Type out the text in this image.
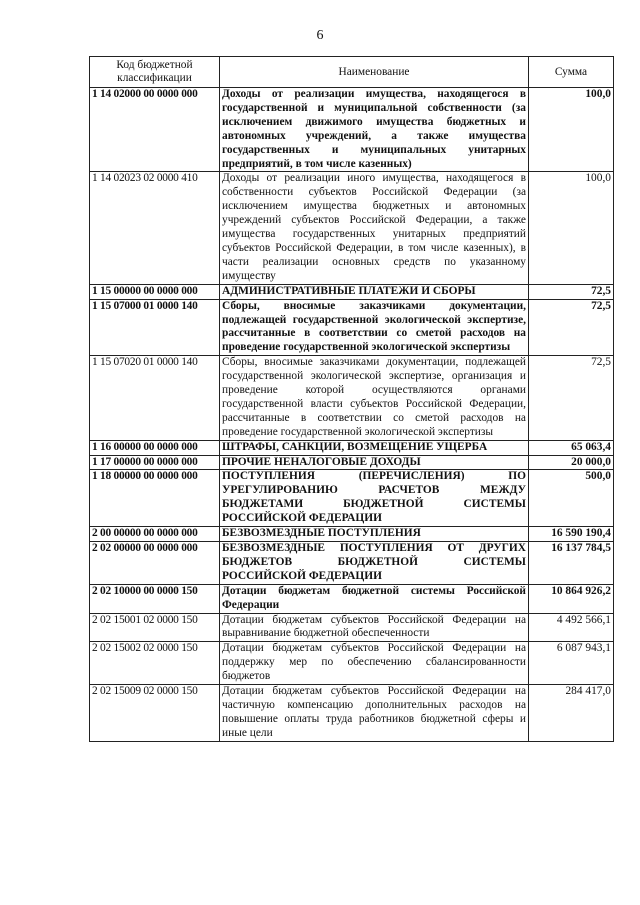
6
Код бюджетной классификации	Наименование	Сумма
1 14 02000 00 0000 000	Доходы от реализации имущества, находящегося в государственной и муниципальной собственности (за исключением движимого имущества бюджетных и автономных учреждений, а также имущества государственных и муниципальных унитарных предприятий, в том числе казенных)	100,0
1 14 02023 02 0000 410	Доходы от реализации иного имущества, находящегося в собственности субъектов Российской Федерации (за исключением имущества бюджетных и автономных учреждений субъектов Российской Федерации, а также имущества государственных унитарных предприятий субъектов Российской Федерации, в том числе казенных), в части реализации основных средств по указанному имуществу	100,0
1 15 00000 00 0000 000	АДМИНИСТРАТИВНЫЕ ПЛАТЕЖИ И СБОРЫ	72,5
1 15 07000 01 0000 140	Сборы, вносимые заказчиками документации, подлежащей государственной экологической экспертизе, рассчитанные в соответствии со сметой расходов на проведение государственной экологической экспертизы	72,5
1 15 07020 01 0000 140	Сборы, вносимые заказчиками документации, подлежащей государственной экологической экспертизе, организация и проведение которой осуществляются органами государственной власти субъектов Российской Федерации, рассчитанные в соответствии со сметой расходов на проведение государственной экологической экспертизы	72,5
1 16 00000 00 0000 000	ШТРАФЫ, САНКЦИИ, ВОЗМЕЩЕНИЕ УЩЕРБА	65 063,4
1 17 00000 00 0000 000	ПРОЧИЕ НЕНАЛОГОВЫЕ ДОХОДЫ	20 000,0
1 18 00000 00 0000 000	ПОСТУПЛЕНИЯ (ПЕРЕЧИСЛЕНИЯ) ПО УРЕГУЛИРОВАНИЮ РАСЧЕТОВ МЕЖДУ БЮДЖЕТАМИ БЮДЖЕТНОЙ СИСТЕМЫ РОССИЙСКОЙ ФЕДЕРАЦИИ	500,0
2 00 00000 00 0000 000	БЕЗВОЗМЕЗДНЫЕ ПОСТУПЛЕНИЯ	16 590 190,4
2 02 00000 00 0000 000	БЕЗВОЗМЕЗДНЫЕ ПОСТУПЛЕНИЯ ОТ ДРУГИХ БЮДЖЕТОВ БЮДЖЕТНОЙ СИСТЕМЫ РОССИЙСКОЙ ФЕДЕРАЦИИ	16 137 784,5
2 02 10000 00 0000 150	Дотации бюджетам бюджетной системы Российской Федерации	10 864 926,2
2 02 15001 02 0000 150	Дотации бюджетам субъектов Российской Федерации на выравнивание бюджетной обеспеченности	4 492 566,1
2 02 15002 02 0000 150	Дотации бюджетам субъектов Российской Федерации на поддержку мер по обеспечению сбалансированности бюджетов	6 087 943,1
2 02 15009 02 0000 150	Дотации бюджетам субъектов Российской Федерации на частичную компенсацию дополнительных расходов на повышение оплаты труда работников бюджетной сферы и иные цели	284 417,0
